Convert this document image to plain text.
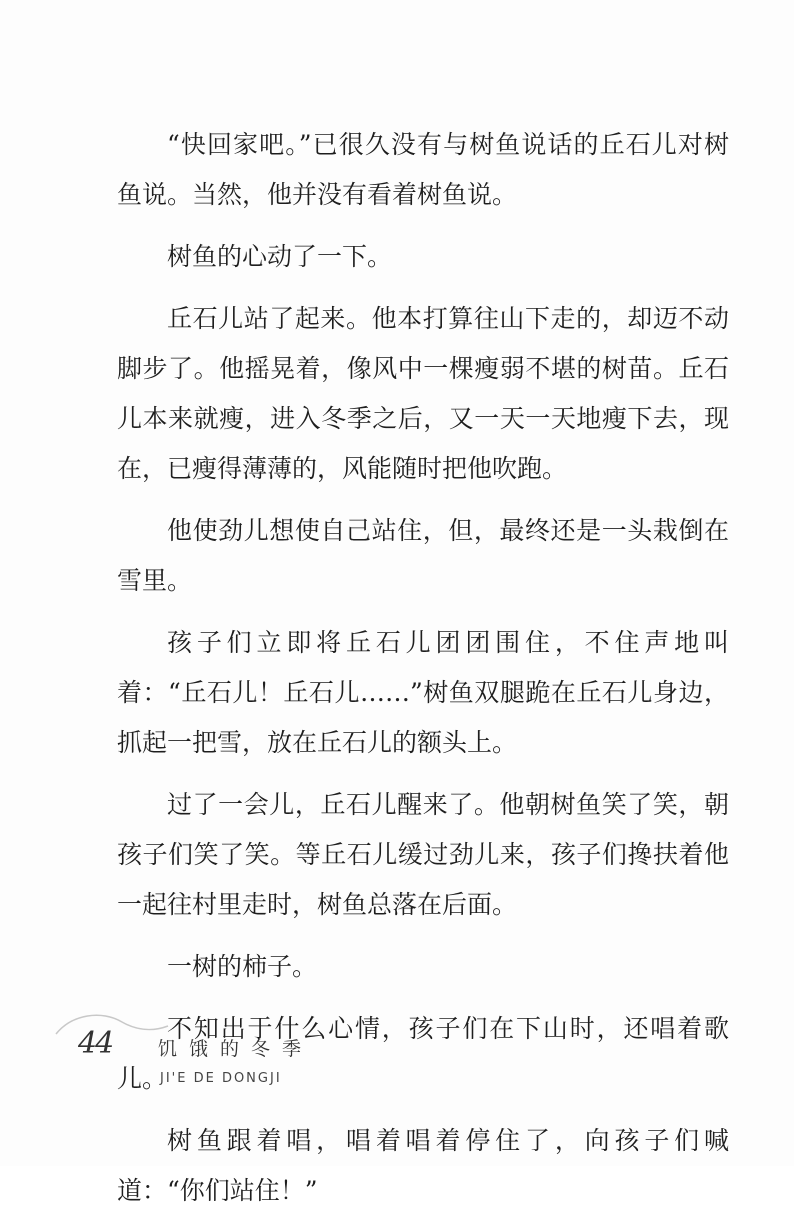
“快回家吧。”已很久没有与树鱼说话的丘石儿对树鱼说。当然，他并没有看着树鱼说。

树鱼的心动了一下。

丘石儿站了起来。他本打算往山下走的，却迈不动脚步了。他摇晃着，像风中一棵瘦弱不堪的树苗。丘石儿本来就瘦，进入冬季之后，又一天一天地瘦下去，现在，已瘦得薄薄的，风能随时把他吹跑。

他使劲儿想使自己站住，但，最终还是一头栽倒在雪里。

孩子们立即将丘石儿团团围住，不住声地叫着：“丘石儿！丘石儿……”树鱼双腿跪在丘石儿身边，抓起一把雪，放在丘石儿的额头上。

过了一会儿，丘石儿醒来了。他朝树鱼笑了笑，朝孩子们笑了笑。等丘石儿缓过劲儿来，孩子们搀扶着他一起往村里走时，树鱼总落在后面。

一树的柿子。

不知出于什么心情，孩子们在下山时，还唱着歌儿。

树鱼跟着唱，唱着唱着停住了，向孩子们喊道：“你们站住！”

44 饥饿的冬季
JI'E DE DONGJI
